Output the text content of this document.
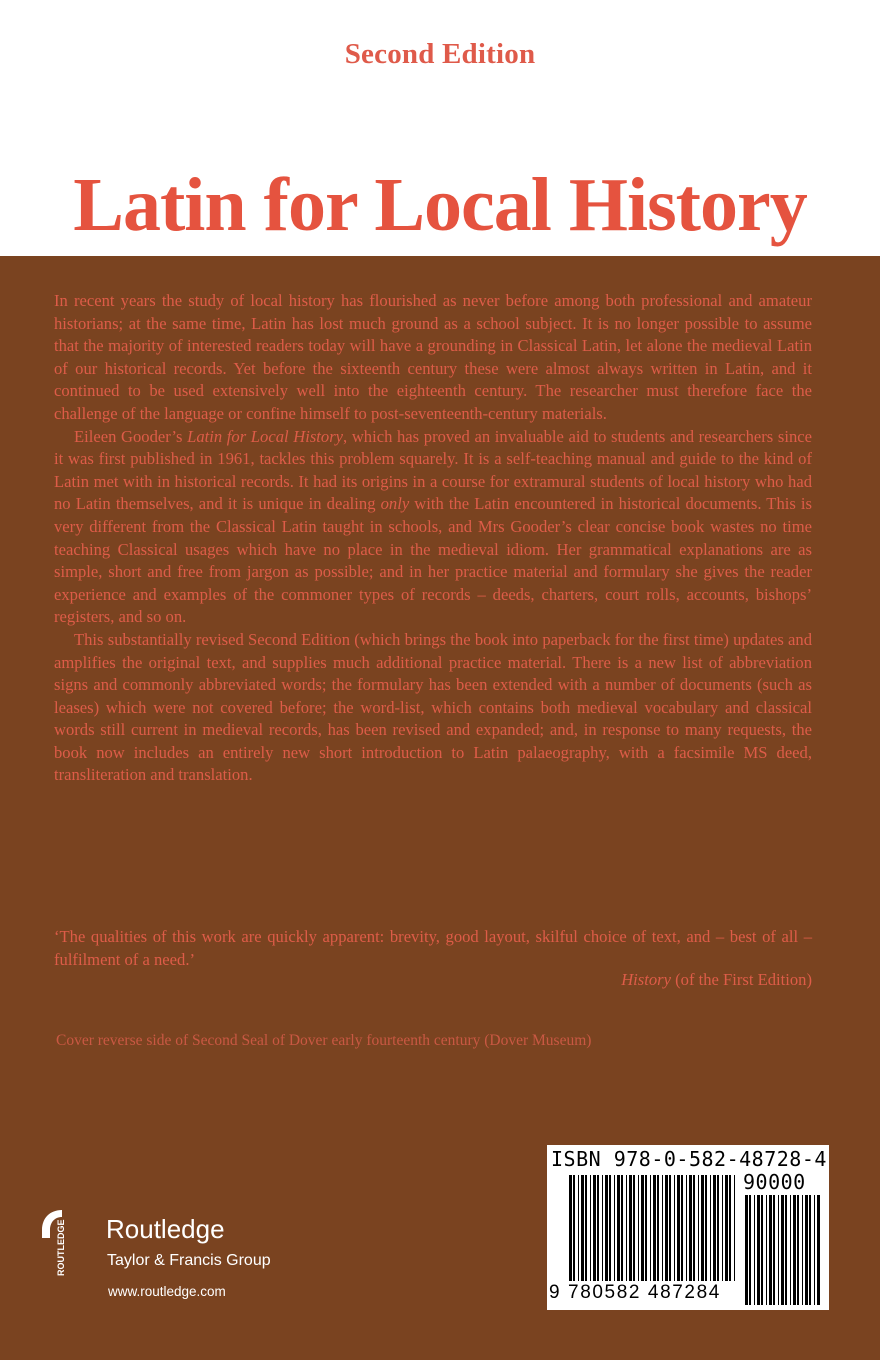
Second Edition
Latin for Local History

In recent years the study of local history has flourished as never before among both professional and amateur historians; at the same time, Latin has lost much ground as a school subject. It is no longer possible to assume that the majority of interested readers today will have a grounding in Classical Latin, let alone the medieval Latin of our historical records. Yet before the sixteenth century these were almost always written in Latin, and it continued to be used extensively well into the eighteenth century. The researcher must therefore face the challenge of the language or confine himself to post-seventeenth-century materials.

Eileen Gooder’s Latin for Local History, which has proved an invaluable aid to students and researchers since it was first published in 1961, tackles this problem squarely. It is a self-teaching manual and guide to the kind of Latin met with in historical records. It had its origins in a course for extramural students of local history who had no Latin themselves, and it is unique in dealing only with the Latin encountered in historical documents. This is very different from the Classical Latin taught in schools, and Mrs Gooder’s clear concise book wastes no time teaching Classical usages which have no place in the medieval idiom. Her grammatical explanations are as simple, short and free from jargon as possible; and in her practice material and formulary she gives the reader experience and examples of the commoner types of records – deeds, charters, court rolls, accounts, bishops’ registers, and so on.

This substantially revised Second Edition (which brings the book into paperback for the first time) updates and amplifies the original text, and supplies much additional practice material. There is a new list of abbreviation signs and commonly abbreviated words; the formulary has been extended with a number of documents (such as leases) which were not covered before; the word-list, which contains both medieval vocabulary and classical words still current in medieval records, has been revised and expanded; and, in response to many requests, the book now includes an entirely new short introduction to Latin palaeography, with a facsimile MS deed, transliteration and translation.

‘The qualities of this work are quickly apparent: brevity, good layout, skilful choice of text, and – best of all – fulfilment of a need.’
History (of the First Edition)
Cover reverse side of Second Seal of Dover early fourteenth century (Dover Museum)
ROUTLEDGE Routledge
Taylor & Francis Group
www.routledge.com
ISBN 978-0-582-48728-4
90000
9 780582 487284
